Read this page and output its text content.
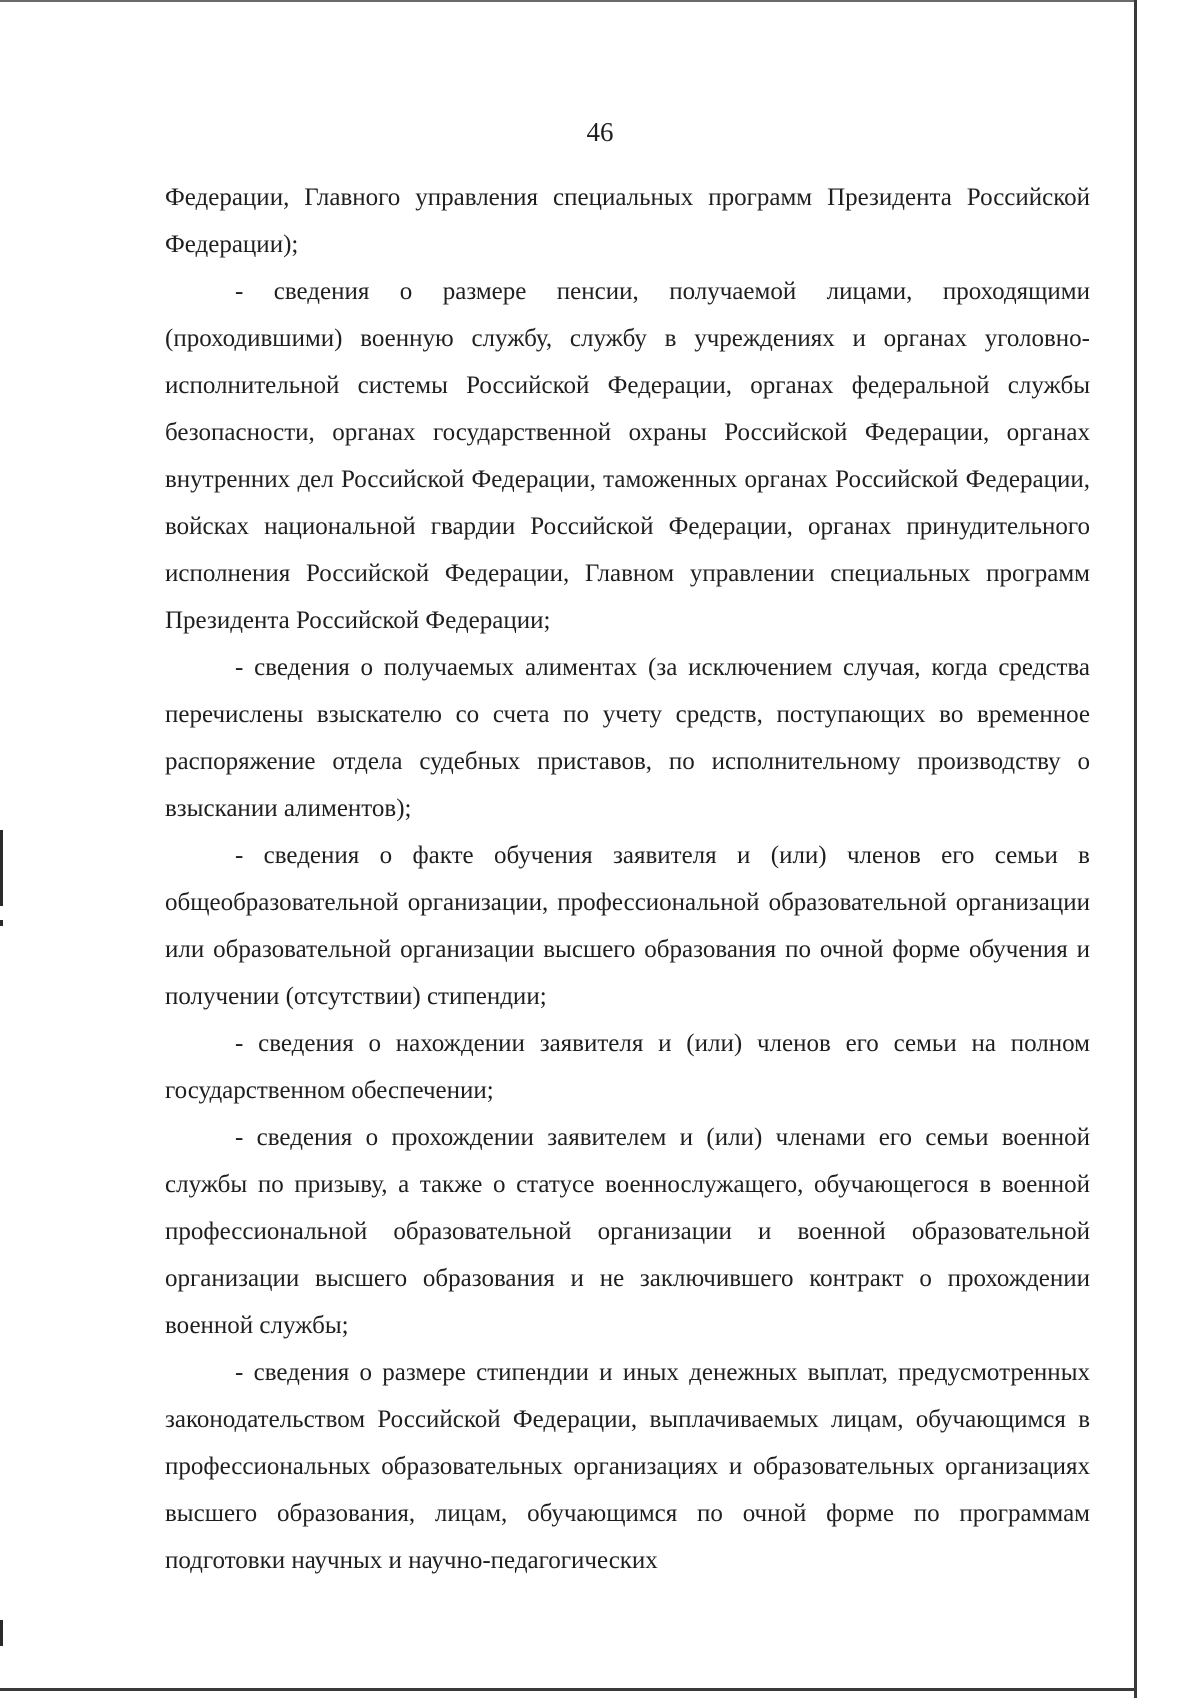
46

Федерации, Главного управления специальных программ Президента Российской Федерации);

- сведения о размере пенсии, получаемой лицами, проходящими (проходившими) военную службу, службу в учреждениях и органах уголовно-исполнительной системы Российской Федерации, органах федеральной службы безопасности, органах государственной охраны Российской Федерации, органах внутренних дел Российской Федерации, таможенных органах Российской Федерации, войсках национальной гвардии Российской Федерации, органах принудительного исполнения Российской Федерации, Главном управлении специальных программ Президента Российской Федерации;

- сведения о получаемых алиментах (за исключением случая, когда средства перечислены взыскателю со счета по учету средств, поступающих во временное распоряжение отдела судебных приставов, по исполнительному производству о взыскании алиментов);

- сведения о факте обучения заявителя и (или) членов его семьи в общеобразовательной организации, профессиональной образовательной организации или образовательной организации высшего образования по очной форме обучения и получении (отсутствии) стипендии;

- сведения о нахождении заявителя и (или) членов его семьи на полном государственном обеспечении;

- сведения о прохождении заявителем и (или) членами его семьи военной службы по призыву, а также о статусе военнослужащего, обучающегося в военной профессиональной образовательной организации и военной образовательной организации высшего образования и не заключившего контракт о прохождении военной службы;

- сведения о размере стипендии и иных денежных выплат, предусмотренных законодательством Российской Федерации, выплачиваемых лицам, обучающимся в профессиональных образовательных организациях и образовательных организациях высшего образования, лицам, обучающимся по очной форме по программам подготовки научных и научно-педагогических
